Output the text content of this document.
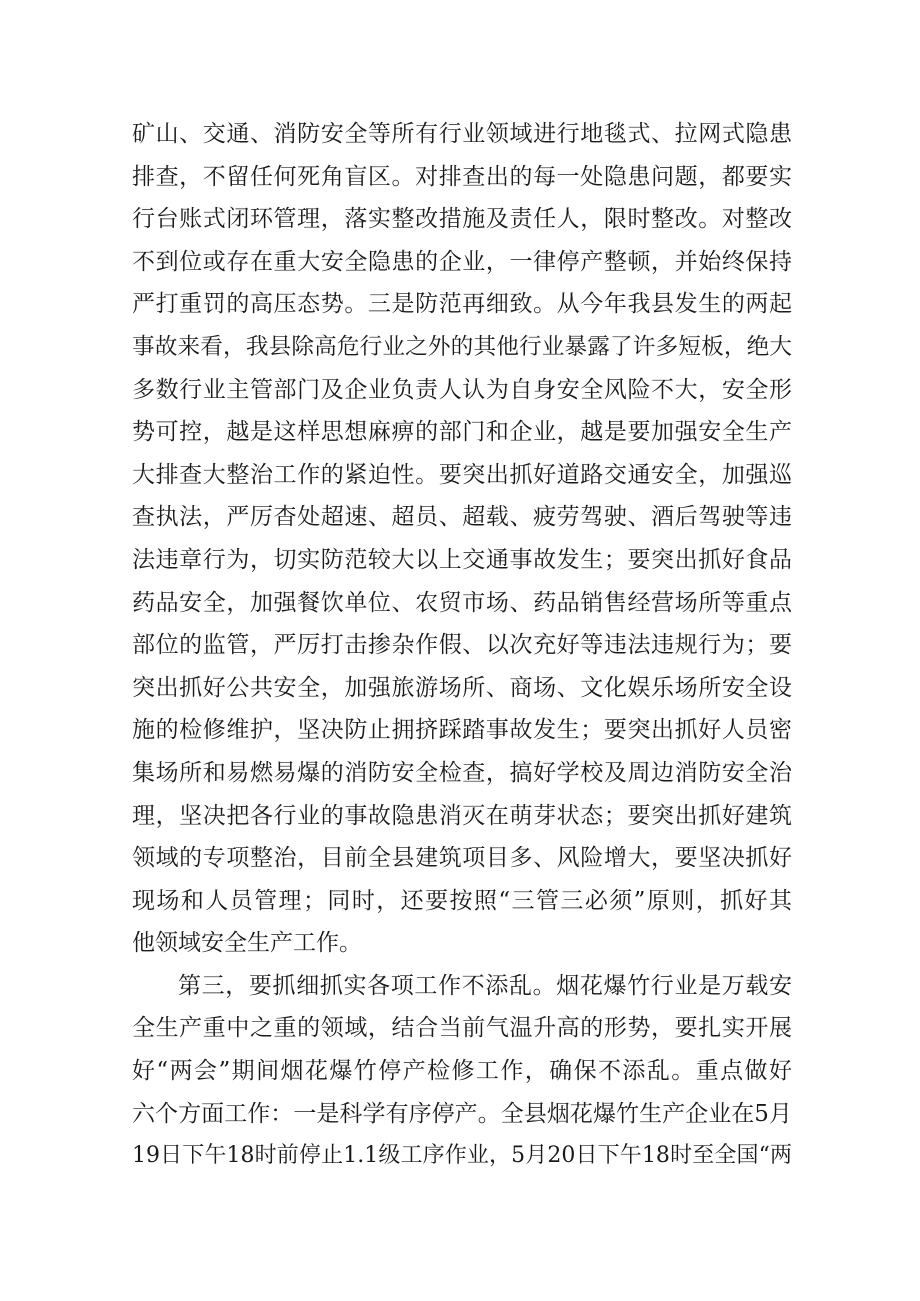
矿山、交通、消防安全等所有行业领域进行地毯式、拉网式隐患
排查，不留任何死角盲区。对排查出的每一处隐患问题，都要实
行台账式闭环管理，落实整改措施及责任人，限时整改。对整改
不到位或存在重大安全隐患的企业，一律停产整顿，并始终保持
严打重罚的高压态势。三是防范再细致。从今年我县发生的两起
事故来看，我县除高危行业之外的其他行业暴露了许多短板，绝大
多数行业主管部门及企业负责人认为自身安全风险不大，安全形
势可控，越是这样思想麻痹的部门和企业，越是要加强安全生产
大排查大整治工作的紧迫性。要突出抓好道路交通安全，加强巡
查执法，严厉杳处超速、超员、超载、疲劳驾驶、酒后驾驶等违
法违章行为，切实防范较大以上交通事故发生；要突出抓好食品
药品安全，加强餐饮单位、农贸市场、药品销售经营场所等重点
部位的监管，严厉打击掺杂作假、以次充好等违法违规行为；要
突出抓好公共安全，加强旅游场所、商场、文化娱乐场所安全设
施的检修维护，坚决防止拥挤踩踏事故发生；要突出抓好人员密
集场所和易燃易爆的消防安全检查，搞好学校及周边消防安全治
理，坚决把各行业的事故隐患消灭在萌芽状态；要突出抓好建筑
领域的专项整治，目前全县建筑项目多、风险增大，要坚决抓好
现场和人员管理；同时，还要按照“三管三必须”原则，抓好其
他领域安全生产工作。
第三，要抓细抓实各项工作不添乱。烟花爆竹行业是万载安
全生产重中之重的领域，结合当前气温升高的形势，要扎实开展
好“两会”期间烟花爆竹停产检修工作，确保不添乱。重点做好
六个方面工作：一是科学有序停产。全县烟花爆竹生产企业在5月
19日下午18时前停止1.1级工序作业，5月20日下午18时至全国“两
